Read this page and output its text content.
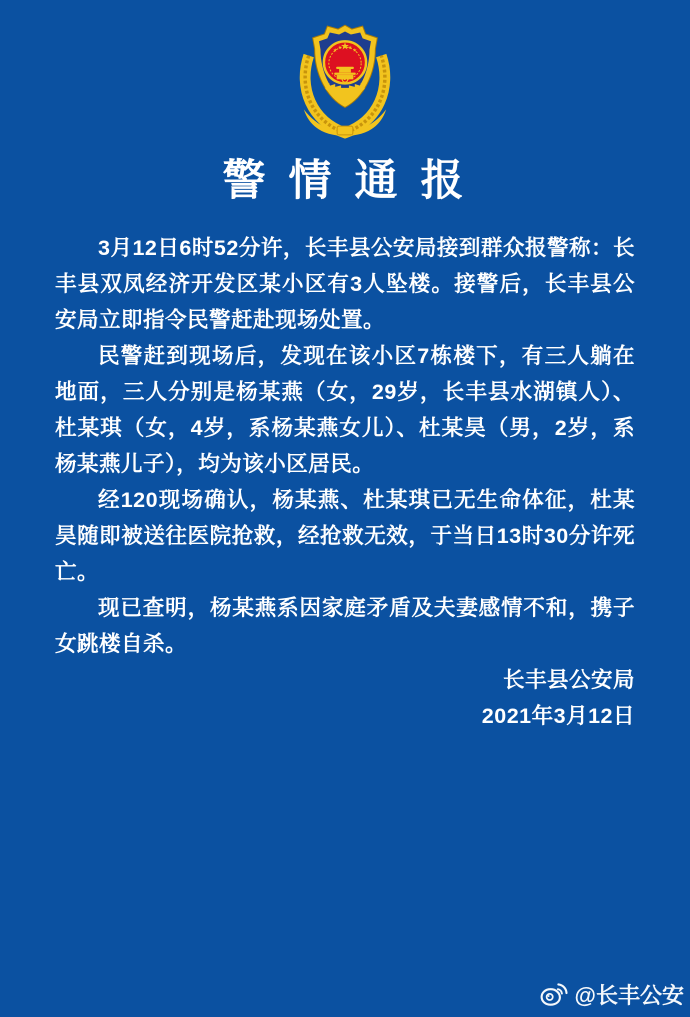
警 情 通 报

3月12日6时52分许，长丰县公安局接到群众报警称：长丰县双凤经济开发区某小区有3人坠楼。接警后，长丰县公安局立即指令民警赶赴现场处置。

民警赶到现场后，发现在该小区7栋楼下，有三人躺在地面，三人分别是杨某燕（女，29岁，长丰县水湖镇人）、杜某琪（女，4岁，系杨某燕女儿）、杜某昊（男，2岁，系杨某燕儿子），均为该小区居民。

经120现场确认，杨某燕、杜某琪已无生命体征，杜某昊随即被送往医院抢救，经抢救无效，于当日13时30分许死亡。

现已查明，杨某燕系因家庭矛盾及夫妻感情不和，携子女跳楼自杀。

长丰县公安局

2021年3月12日

@长丰公安
